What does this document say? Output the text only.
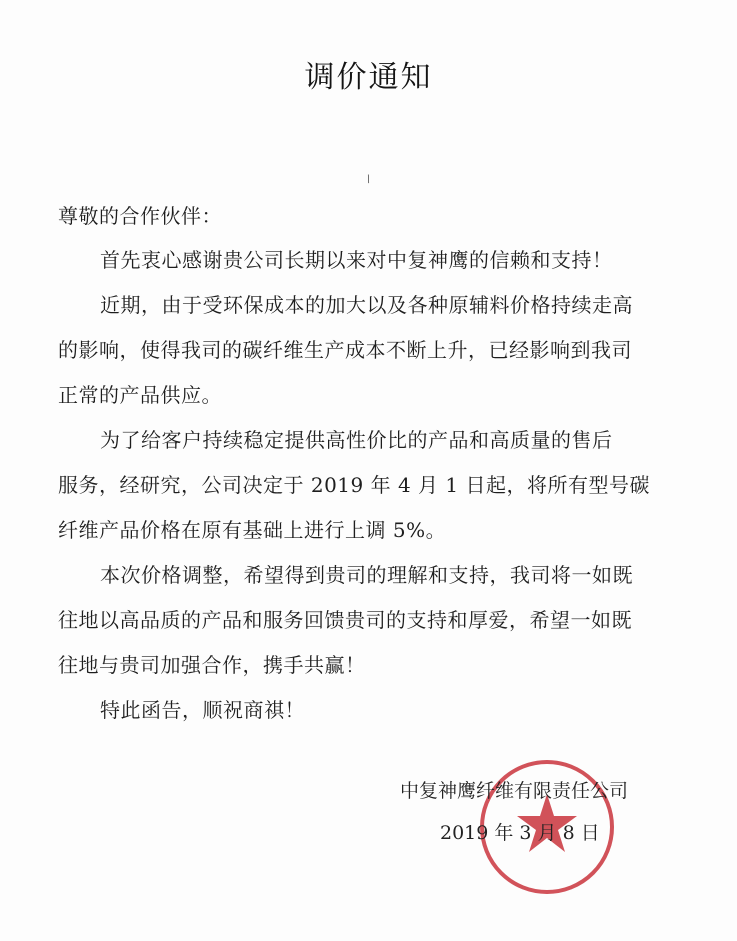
调价通知
/
尊敬的合作伙伴：
首先衷心感谢贵公司长期以来对中复神鹰的信赖和支持！
近期，由于受环保成本的加大以及各种原辅料价格持续走高
的影响，使得我司的碳纤维生产成本不断上升，已经影响到我司
正常的产品供应。
为了给客户持续稳定提供高性价比的产品和高质量的售后
服务，经研究，公司决定于 2019 年 4 月 1 日起，将所有型号碳
纤维产品价格在原有基础上进行上调 5%。
本次价格调整，希望得到贵司的理解和支持，我司将一如既
往地以高品质的产品和服务回馈贵司的支持和厚爱，希望一如既
往地与贵司加强合作，携手共赢！
特此函告，顺祝商祺！
中复神鹰纤维有限责任公司
2019 年 3 月 8 日
